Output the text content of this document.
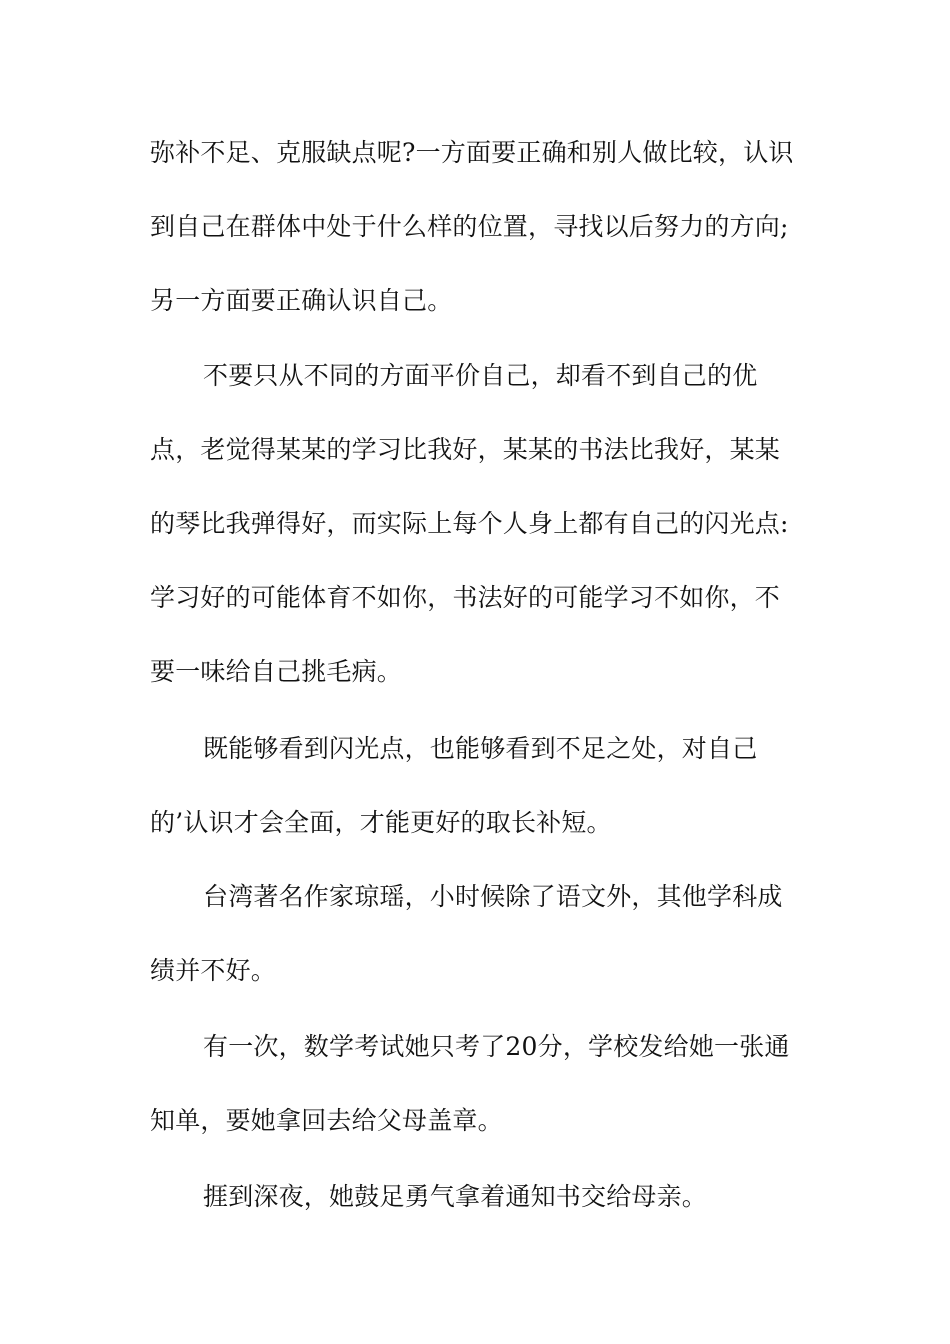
弥补不足、克服缺点呢?一方面要正确和别人做比较，认识
到自己在群体中处于什么样的位置，寻找以后努力的方向;
另一方面要正确认识自己。
不要只从不同的方面平价自己，却看不到自己的优
点，老觉得某某的学习比我好，某某的书法比我好，某某
的琴比我弹得好，而实际上每个人身上都有自己的闪光点:
学习好的可能体育不如你，书法好的可能学习不如你，不
要一味给自己挑毛病。
既能够看到闪光点，也能够看到不足之处，对自己
的’认识才会全面，才能更好的取长补短。
台湾著名作家琼瑶，小时候除了语文外，其他学科成
绩并不好。
有一次，数学考试她只考了20分，学校发给她一张通
知单，要她拿回去给父母盖章。
捱到深夜，她鼓足勇气拿着通知书交给母亲。
